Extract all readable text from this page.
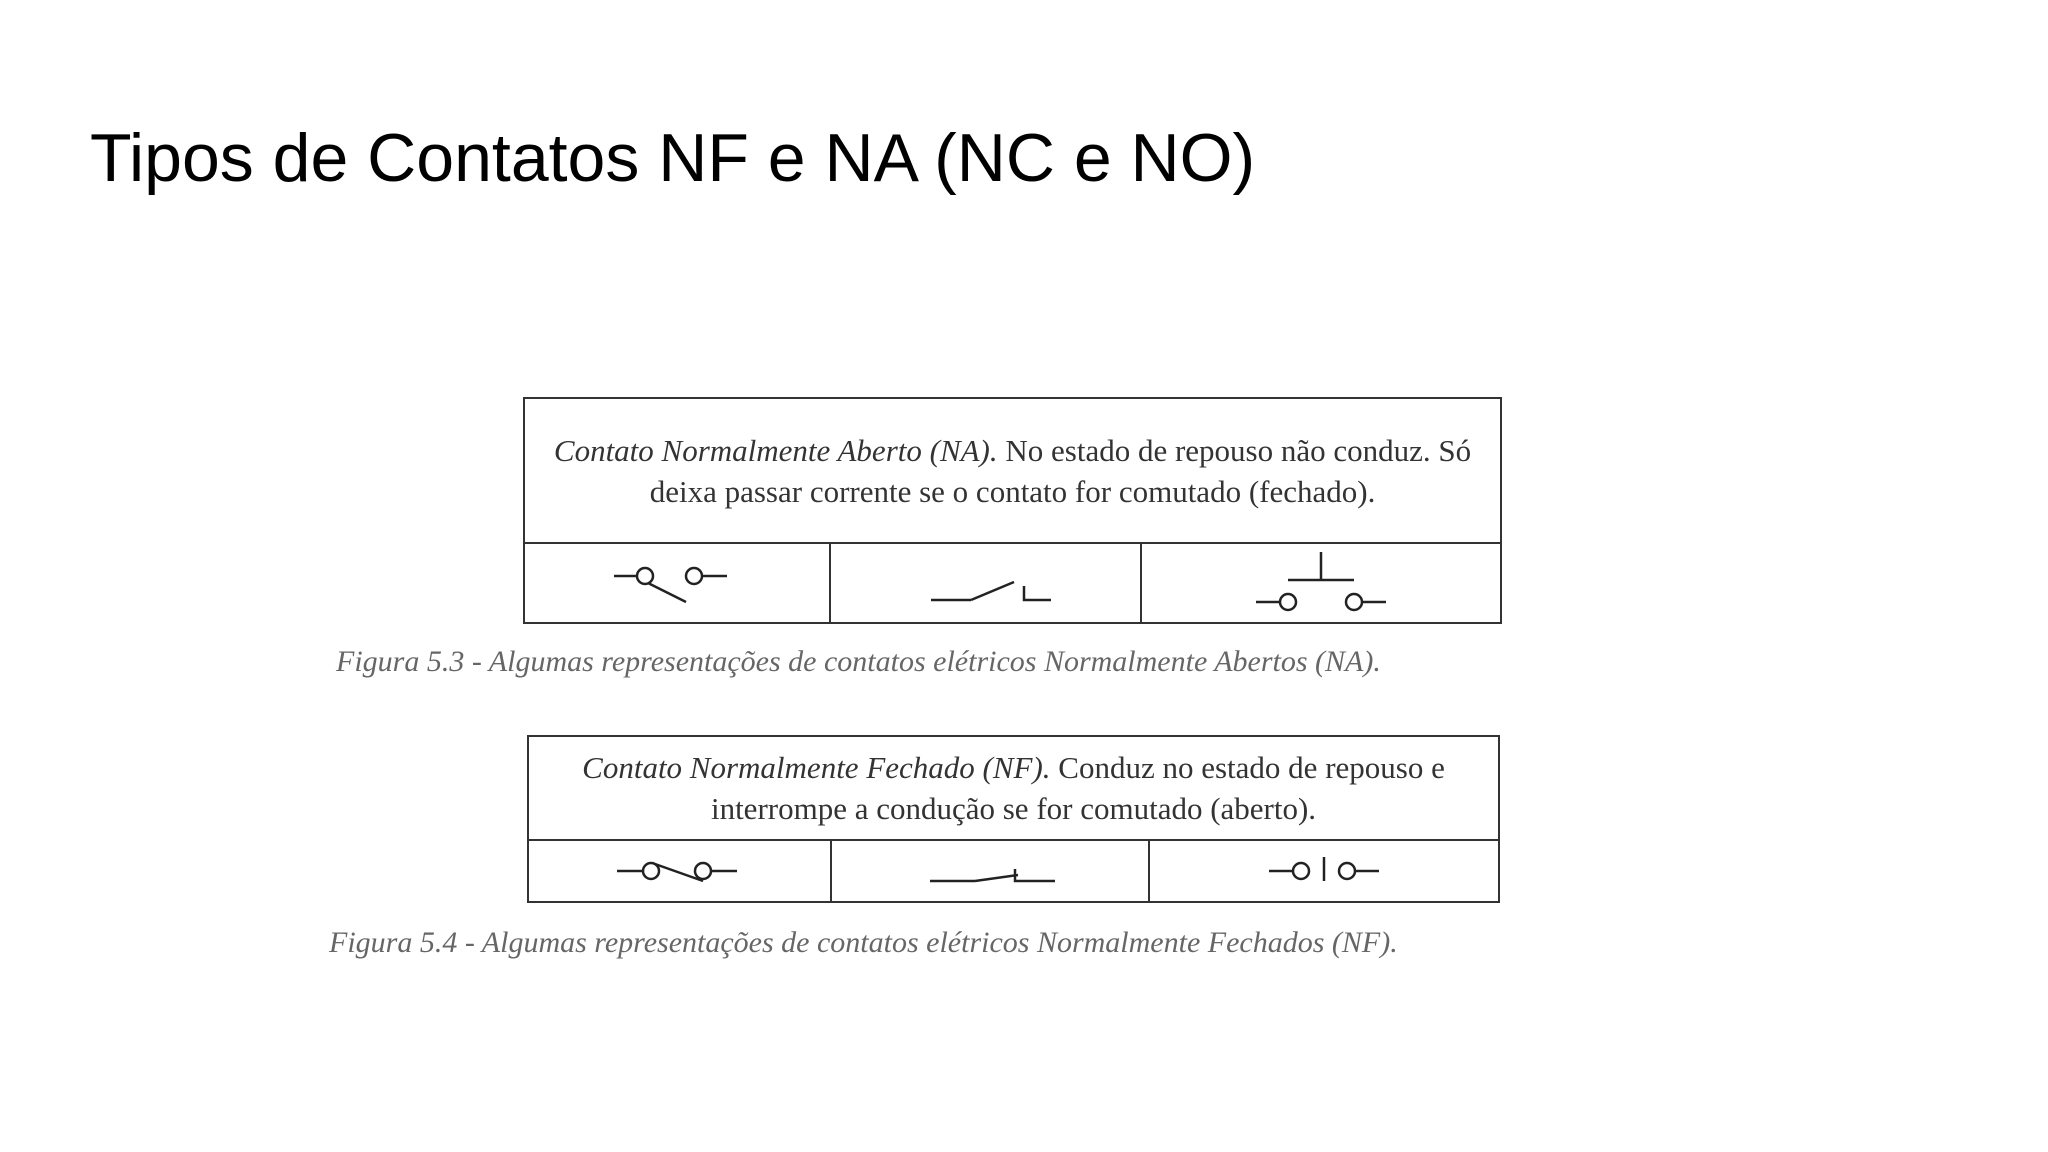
Tipos de Contatos NF e NA (NC e NO)
Contato Normalmente Aberto (NA). No estado de repouso não conduz. Só deixa passar corrente se o contato for comutado (fechado).

Figura 5.3 - Algumas representações de contatos elétricos Normalmente Abertos (NA).
Contato Normalmente Fechado (NF). Conduz no estado de repouso e interrompe a condução se for comutado (aberto).

Figura 5.4 - Algumas representações de contatos elétricos Normalmente Fechados (NF).
